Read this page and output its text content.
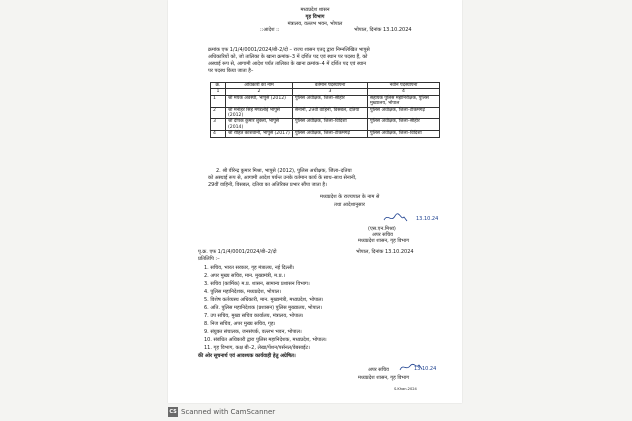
मध्यप्रदेश शासन
गृह विभाग
मंत्रालय, वल्लभ भवन, भोपाल
::आदेश ::	भोपाल, दिनांक 13.10.2024
क्रमांक एफ 1/1/4/0001/2024/बी-2/दो – राज्य शासन एतद् द्वारा निम्नलिखित भापुसे
अधिकारियों को, जो तालिका के खाना क्रमांक–3 में दर्शित पद एवं स्थान पर पदस्थ हैं, को
अस्थाई रूप से, आगामी आदेश पर्यंत तालिका के खाना क्रमांक–4 में दर्शित पद एवं स्थान
पर पदस्थ किया जाता है–
क्र.	अधिकारी का नाम	वर्तमान पदस्थापना	नवीन पदस्थापना
1	2	3	4
1	श्री मयंक अवस्थी, भापुसे (2012)	पुलिस अधीक्षक, जिला–सीहोर	सहायक पुलिस महानिरीक्षक, पुलिस मुख्यालय, भोपाल
2	श्री मनोहर सिंह मण्डलोई भापुसे (2012)	सेनानी, 29वीं वाहिनी, विसबल, दतिया	पुलिस अधीक्षक, जिला–टीकमगढ़
3	श्री दीपक कुमार शुक्ला, भापुसे (2014)	पुलिस अधीक्षक, जिला–विदिशा	पुलिस अधीक्षक, जिला–सीहोर
4	श्री रोहित काशवानी, भापुसे (2017)	पुलिस अधीक्षक, जिला–टीकमगढ़	पुलिस अधीक्षक, जिला–विदिशा
2. श्री वीरेन्द्र कुमार मिश्रा, भापुसे (2012), पुलिस अधीक्षक, जिला–दतिया
को अस्थाई रूप से, आगामी आदेश पर्यन्त उनके वर्तमान कार्य के साथ–साथ सेनानी,
29वीं वाहिनी, विसबल, दतिया का अतिरिक्त प्रभार सौंपा जाता है।
मध्यप्रदेश के राज्यपाल के नाम से
तथा आदेशानुसार
13.10.24
(एस.एन.मिश्रा)
अपर सचिव
मध्यप्रदेश शासन, गृह विभाग
पृ.क्र. एफ 1/1/4/0001/2024/बी–2/दो	भोपाल, दिनांक 13.10.2024
प्रतिलिपि :–
1. सचिव, भारत सरकार, गृह मंत्रालय, नई दिल्ली।
2. अपर मुख्य सचिव, मान. मुख्यमंत्री, म.प्र.।
3. सचिव (कार्मिक) म.प्र. शासन, सामान्य प्रशासन विभाग।
4. पुलिस महानिदेशक, मध्यप्रदेश, भोपाल।
5. विशेष कर्तव्यस्थ अधिकारी, मान. मुख्यमंत्री, मध्यप्रदेश, भोपाल।
6. अति. पुलिस महानिदेशक (प्रशासन) पुलिस मुख्यालय, भोपाल।
7. उप सचिव, मुख्य सचिव कार्यालय, मंत्रालय, भोपाल।
8. निज सचिव, अपर मुख्य सचिव, गृह।
9. संयुक्त संचालक, जनसंपर्क, वल्लभ भवन, भोपाल।
10. संबंधित अधिकारी द्वारा पुलिस महानिदेशक, मध्यप्रदेश, भोपाल।
11. गृह विभाग, कक्ष बी–2, लेखा/पेंशन/पर्सनल/वेबसाईट।
की ओर सूचनार्थ एवं आवश्यक कार्यवाही हेतु अग्रेषित।
अपर सचिव	13.10.24
मध्यप्रदेश शासन, गृह विभाग
S.Khan.2024
CS Scanned with CamScanner
